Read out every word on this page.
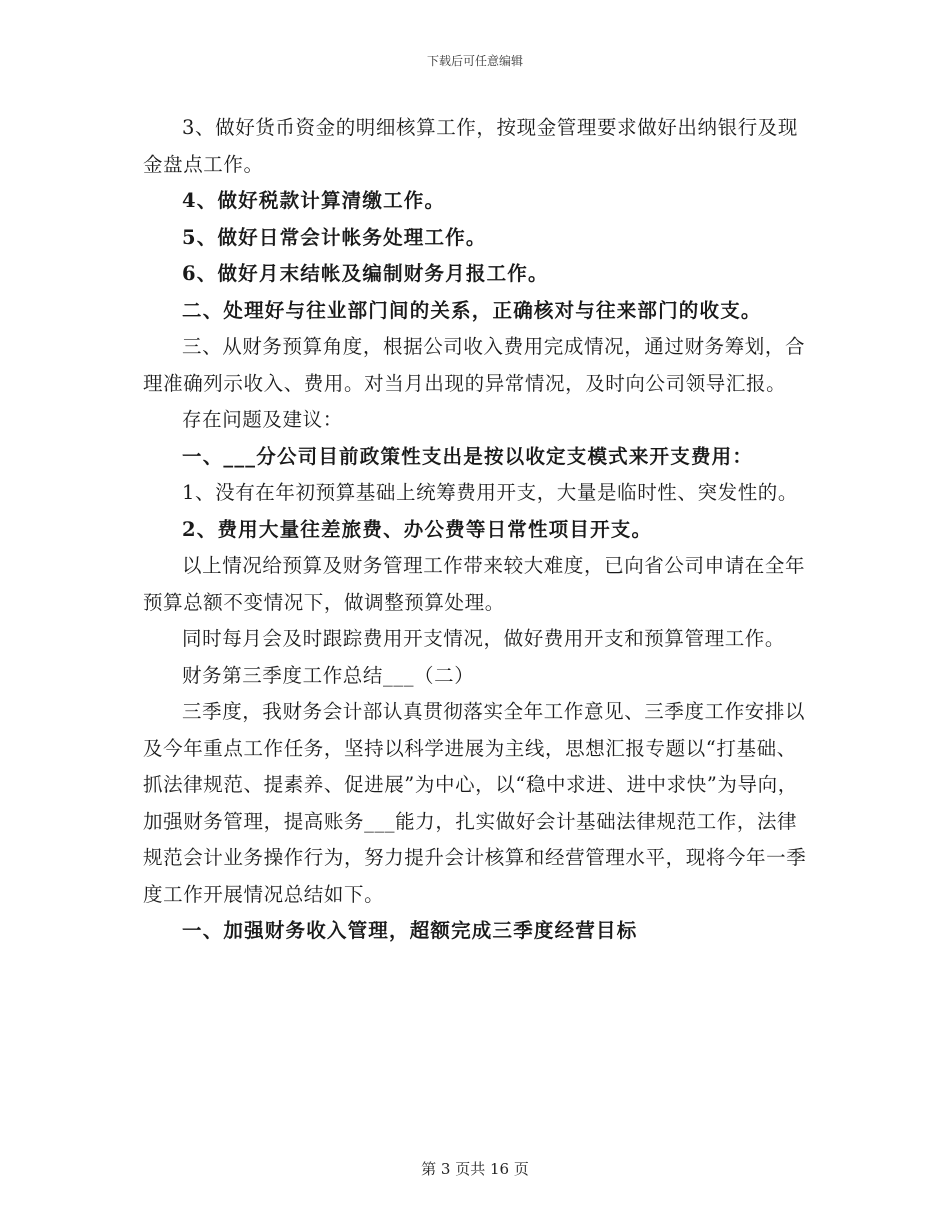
下载后可任意编辑

3、做好货币资金的明细核算工作，按现金管理要求做好出纳银行及现金盘点工作。

4、做好税款计算清缴工作。

5、做好日常会计帐务处理工作。

6、做好月末结帐及编制财务月报工作。

二、处理好与往业部门间的关系，正确核对与往来部门的收支。

三、从财务预算角度，根据公司收入费用完成情况，通过财务筹划，合理准确列示收入、费用。对当月出现的异常情况，及时向公司领导汇报。

存在问题及建议：

一、___分公司目前政策性支出是按以收定支模式来开支费用：

1、没有在年初预算基础上统筹费用开支，大量是临时性、突发性的。

2、费用大量往差旅费、办公费等日常性项目开支。

以上情况给预算及财务管理工作带来较大难度，已向省公司申请在全年预算总额不变情况下，做调整预算处理。

同时每月会及时跟踪费用开支情况，做好费用开支和预算管理工作。

财务第三季度工作总结___（二）

三季度，我财务会计部认真贯彻落实全年工作意见、三季度工作安排以及今年重点工作任务，坚持以科学进展为主线，思想汇报专题以“打基础、抓法律规范、提素养、促进展”为中心，以“稳中求进、进中求快”为导向，加强财务管理，提高账务___能力，扎实做好会计基础法律规范工作，法律规范会计业务操作行为，努力提升会计核算和经营管理水平，现将今年一季度工作开展情况总结如下。

一、加强财务收入管理，超额完成三季度经营目标

第 3 页共 16 页
